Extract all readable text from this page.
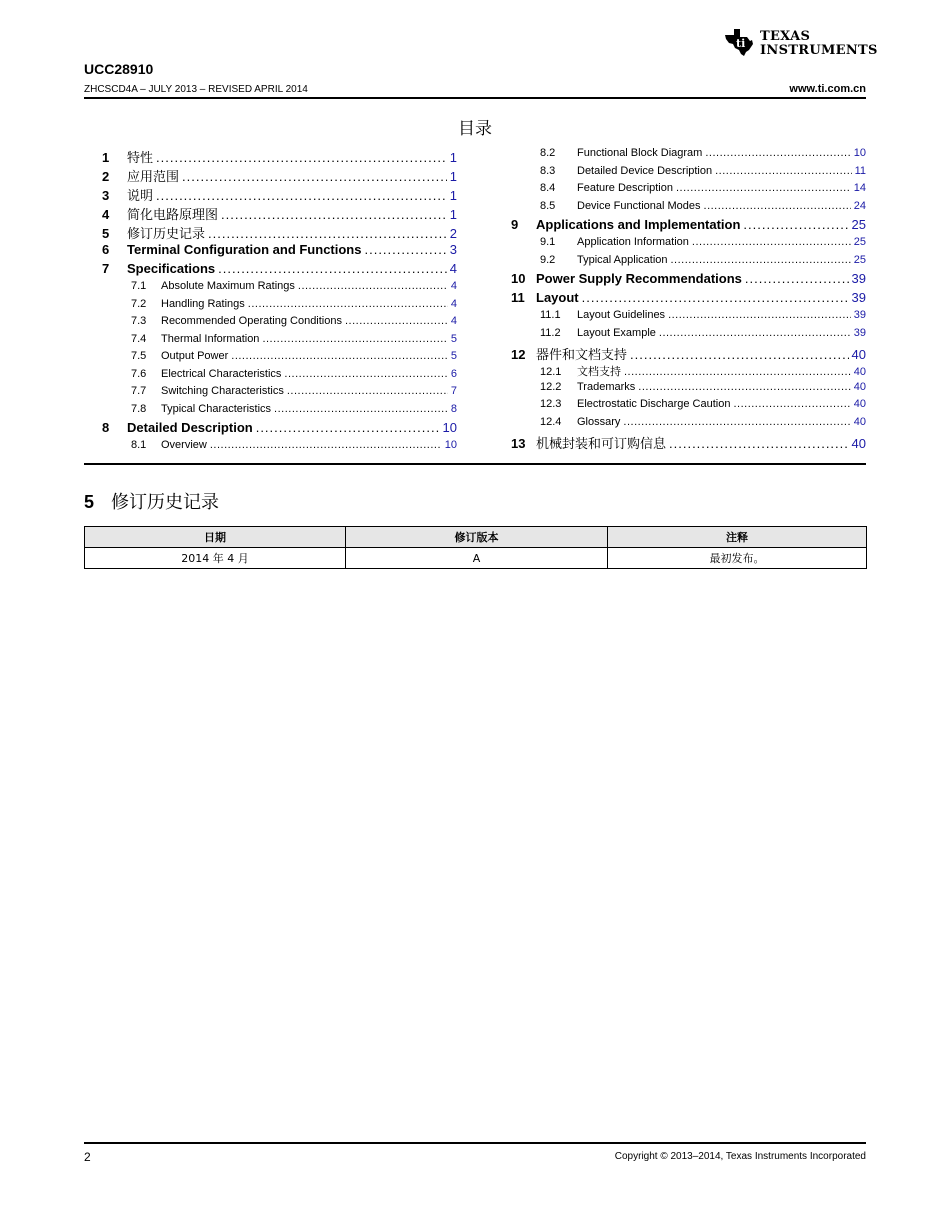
ti TEXAS
INSTRUMENTS
UCC28910
ZHCSCD4A – JULY 2013 – REVISED APRIL 2014	www.ti.com.cn
目录
1	特性 .....	1
2	应用范围 .....	1
3	说明 .....	1
4	简化电路原理图 .....	1
5	修订历史记录 .....	2
6	Terminal Configuration and Functions .....	3
7	Specifications .....	4
7.1	Absolute Maximum Ratings .....	4
7.2	Handling Ratings .....	4
7.3	Recommended Operating Conditions .....	4
7.4	Thermal Information .....	5
7.5	Output Power .....	5
7.6	Electrical Characteristics .....	6
7.7	Switching Characteristics .....	7
7.8	Typical Characteristics .....	8
8	Detailed Description .....	10
8.1	Overview .....	10
8.2	Functional Block Diagram .....	10
8.3	Detailed Device Description .....	11
8.4	Feature Description .....	14
8.5	Device Functional Modes .....	24
9	Applications and Implementation .....	25
9.1	Application Information .....	25
9.2	Typical Application .....	25
10 Power Supply Recommendations .....	39
11 Layout .....	39
11.1	Layout Guidelines .....	39
11.2	Layout Example .....	39
12 器件和文档支持 .....	40
12.1	文档支持 .....	40
12.2	Trademarks .....	40
12.3	Electrostatic Discharge Caution .....	40
12.4	Glossary .....	40
13 机械封装和可订购信息 .....	40
5 修订历史记录
日期	修订版本	注释
2014 年 4 月	A	最初发布。
2	Copyright © 2013–2014, Texas Instruments Incorporated
